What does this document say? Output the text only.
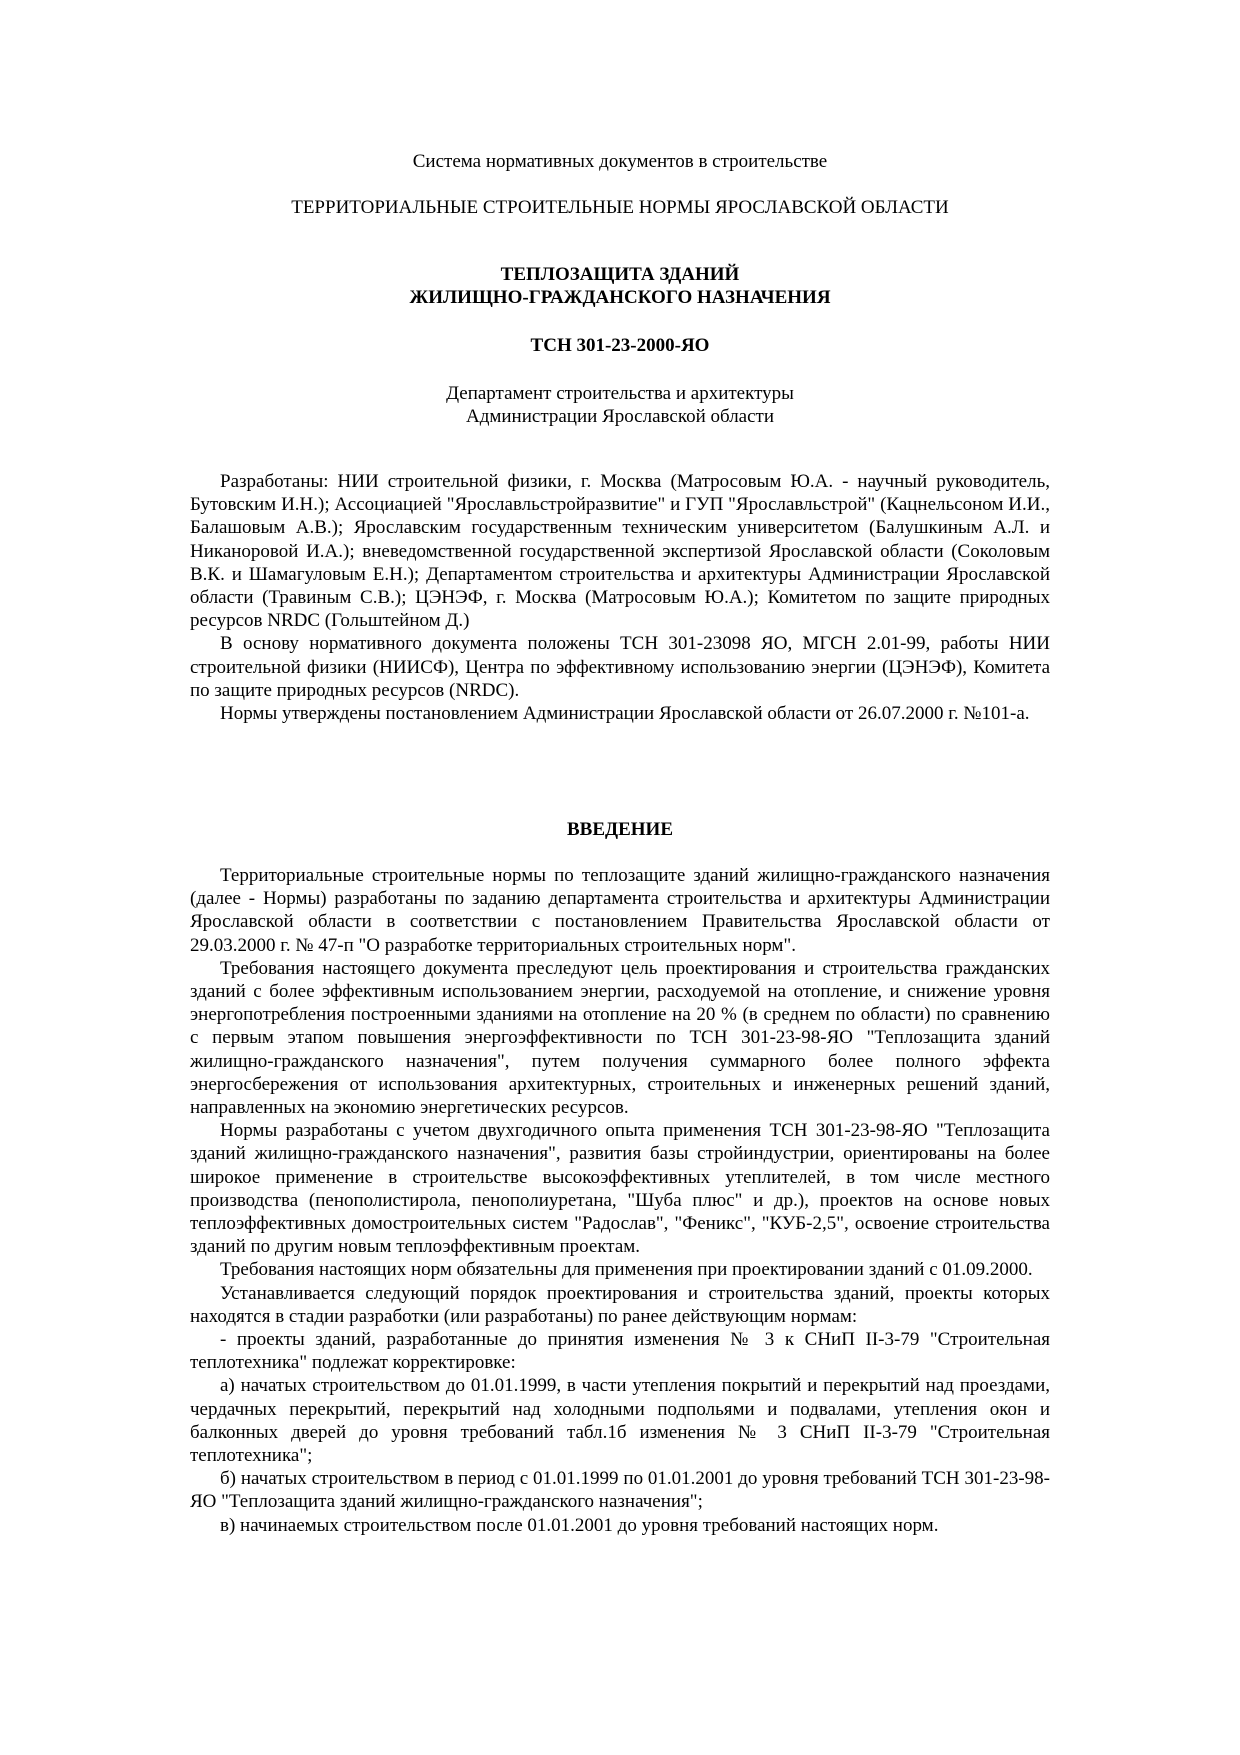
Система нормативных документов в строительстве
ТЕРРИТОРИАЛЬНЫЕ СТРОИТЕЛЬНЫЕ НОРМЫ ЯРОСЛАВСКОЙ ОБЛАСТИ
ТЕПЛОЗАЩИТА ЗДАНИЙ
ЖИЛИЩНО-ГРАЖДАНСКОГО НАЗНАЧЕНИЯ
ТСН 301-23-2000-ЯО
Департамент строительства и архитектуры
Администрации Ярославской области

Разработаны: НИИ строительной физики, г. Москва (Матросовым Ю.А. - научный руководитель, Бутовским И.Н.); Ассоциацией "Ярославльстройразвитие" и ГУП "Ярославльстрой" (Кацнельсоном И.И., Балашовым А.В.); Ярославским государственным техническим университетом (Балушкиным А.Л. и Никаноровой И.А.); вневедомственной государственной экспертизой Ярославской области (Соколовым В.К. и Шамагуловым Е.Н.); Департаментом строительства и архитектуры Администрации Ярославской области (Травиным С.В.); ЦЭНЭФ, г. Москва (Матросовым Ю.А.); Комитетом по защите природных ресурсов NRDC (Гольштейном Д.)

В основу нормативного документа положены ТСН 301-23098 ЯО, МГСН 2.01-99, работы НИИ строительной физики (НИИСФ), Центра по эффективному использованию энергии (ЦЭНЭФ), Комитета по защите природных ресурсов (NRDC).

Нормы утверждены постановлением Администрации Ярославской области от 26.07.2000 г. №101-а.

ВВЕДЕНИЕ

Территориальные строительные нормы по теплозащите зданий жилищно-гражданского назначения (далее - Нормы) разработаны по заданию департамента строительства и архитектуры Администрации Ярославской области в соответствии с постановлением Правительства Ярославской области от 29.03.2000 г. № 47-п "О разработке территориальных строительных норм".

Требования настоящего документа преследуют цель проектирования и строительства гражданских зданий с более эффективным использованием энергии, расходуемой на отопление, и снижение уровня энергопотребления построенными зданиями на отопление на 20 % (в среднем по области) по сравнению с первым этапом повышения энергоэффективности по ТСН 301-23-98-ЯО "Теплозащита зданий жилищно-гражданского назначения", путем получения суммарного более полного эффекта энергосбережения от использования архитектурных, строительных и инженерных решений зданий, направленных на экономию энергетических ресурсов.

Нормы разработаны с учетом двухгодичного опыта применения ТСН 301-23-98-ЯО "Теплозащита зданий жилищно-гражданского назначения", развития базы стройиндустрии, ориентированы на более широкое применение в строительстве высокоэффективных утеплителей, в том числе местного производства (пенополистирола, пенополиуретана, "Шуба плюс" и др.), проектов на основе новых теплоэффективных домостроительных систем "Радослав", "Феникс", "КУБ-2,5", освоение строительства зданий по другим новым теплоэффективным проектам.

Требования настоящих норм обязательны для применения при проектировании зданий с 01.09.2000.

Устанавливается следующий порядок проектирования и строительства зданий, проекты которых находятся в стадии разработки (или разработаны) по ранее действующим нормам:

- проекты зданий, разработанные до принятия изменения № 3 к СНиП II-3-79 "Строительная теплотехника" подлежат корректировке:

а) начатых строительством до 01.01.1999, в части утепления покрытий и перекрытий над проездами, чердачных перекрытий, перекрытий над холодными подпольями и подвалами, утепления окон и балконных дверей до уровня требований табл.1б изменения № 3 СНиП II-3-79 "Строительная теплотехника";

б) начатых строительством в период с 01.01.1999 по 01.01.2001 до уровня требований ТСН 301-23-98-ЯО "Теплозащита зданий жилищно-гражданского назначения";

в) начинаемых строительством после 01.01.2001 до уровня требований настоящих норм.
